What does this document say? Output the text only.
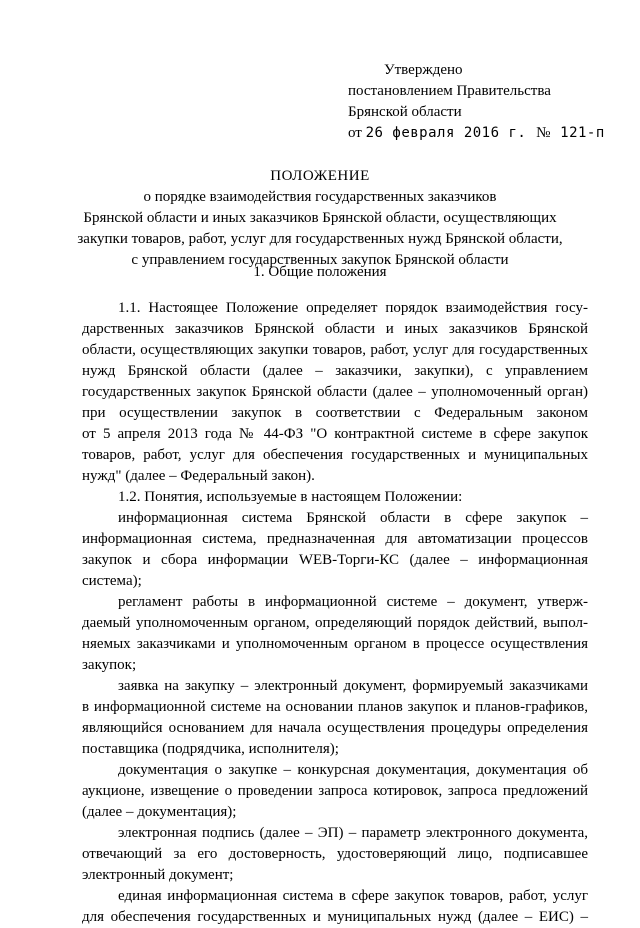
Утверждено
постановлением Правительства
Брянской области
от 26 февраля 2016 г. № 121-п
ПОЛОЖЕНИЕ
о порядке взаимодействия государственных заказчиков
Брянской области и иных заказчиков Брянской области, осуществляющих
закупки товаров, работ, услуг для государственных нужд Брянской области,
с управлением государственных закупок Брянской области
1. Общие положения
1.1. Настоящее Положение определяет порядок взаимодействия госу-
дарственных заказчиков Брянской области и иных заказчиков Брянской
области, осуществляющих закупки товаров, работ, услуг для государственных
нужд Брянской области (далее – заказчики, закупки), с управлением
государственных закупок Брянской области (далее – уполномоченный орган)
при осуществлении закупок в соответствии с Федеральным законом
от 5 апреля 2013 года № 44-ФЗ "О контрактной системе в сфере закупок
товаров, работ, услуг для обеспечения государственных и муниципальных
нужд" (далее – Федеральный закон).
1.2. Понятия, используемые в настоящем Положении:
информационная система Брянской области в сфере закупок –
информационная система, предназначенная для автоматизации процессов
закупок и сбора информации WEB-Торги-КС (далее – информационная
система);
регламент работы в информационной системе – документ, утверж-
даемый уполномоченным органом, определяющий порядок действий, выпол-
няемых заказчиками и уполномоченным органом в процессе осуществления
закупок;
заявка на закупку – электронный документ, формируемый заказчиками
в информационной системе на основании планов закупок и планов-графиков,
являющийся основанием для начала осуществления процедуры определения
поставщика (подрядчика, исполнителя);
документация о закупке – конкурсная документация, документация об
аукционе, извещение о проведении запроса котировок, запроса предложений
(далее – документация);
электронная подпись (далее – ЭП) – параметр электронного документа,
отвечающий за его достоверность, удостоверяющий лицо, подписавшее
электронный документ;
единая информационная система в сфере закупок товаров, работ, услуг
для обеспечения государственных и муниципальных нужд (далее – ЕИС) –
